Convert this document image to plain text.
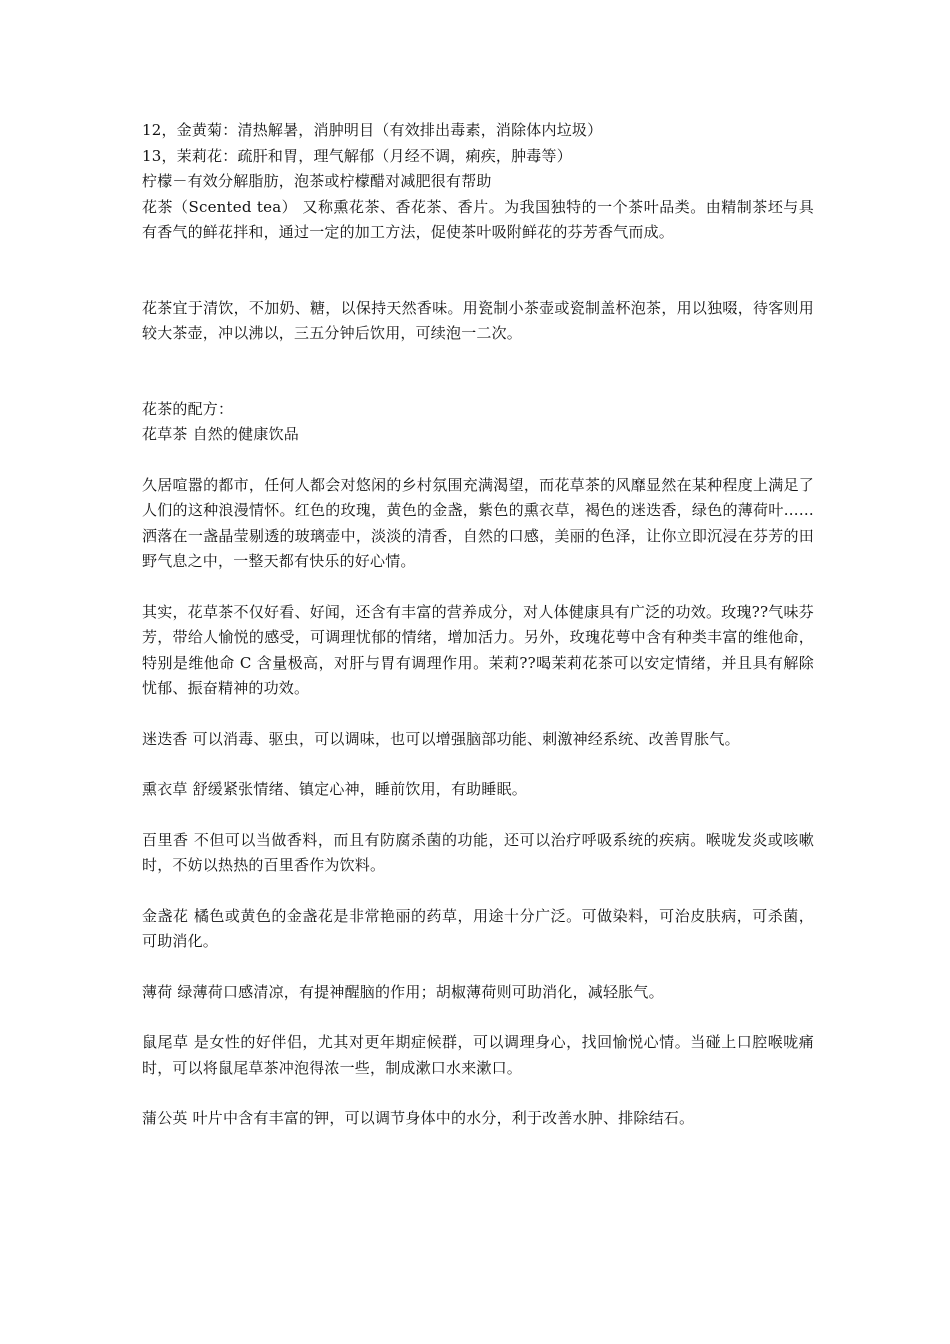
12，金黄菊：清热解暑，消肿明目（有效排出毒素，消除体内垃圾）
13，茉莉花：疏肝和胃，理气解郁（月经不调，痢疾，肿毒等）
柠檬－有效分解脂肪，泡茶或柠檬醋对减肥很有帮助
花茶（Scented tea） 又称熏花茶、香花茶、香片。为我国独特的一个茶叶品类。由精制茶坯与具有香气的鲜花拌和，通过一定的加工方法，促使茶叶吸附鲜花的芬芳香气而成。
花茶宜于清饮，不加奶、糖，以保持天然香味。用瓷制小茶壶或瓷制盖杯泡茶，用以独啜，待客则用较大茶壶，冲以沸以，三五分钟后饮用，可续泡一二次。
花茶的配方：
花草茶 自然的健康饮品
久居喧嚣的都市，任何人都会对悠闲的乡村氛围充满渴望，而花草茶的风靡显然在某种程度上满足了人们的这种浪漫情怀。红色的玫瑰，黄色的金盏，紫色的熏衣草，褐色的迷迭香，绿色的薄荷叶……洒落在一盏晶莹剔透的玻璃壶中，淡淡的清香，自然的口感，美丽的色泽，让你立即沉浸在芬芳的田野气息之中，一整天都有快乐的好心情。
其实，花草茶不仅好看、好闻，还含有丰富的营养成分，对人体健康具有广泛的功效。玫瑰??气味芬芳，带给人愉悦的感受，可调理忧郁的情绪，增加活力。另外，玫瑰花萼中含有种类丰富的维他命，特别是维他命 C 含量极高，对肝与胃有调理作用。茉莉??喝茉莉花茶可以安定情绪，并且具有解除忧郁、振奋精神的功效。
迷迭香 可以消毒、驱虫，可以调味，也可以增强脑部功能、刺激神经系统、改善胃胀气。
熏衣草 舒缓紧张情绪、镇定心神，睡前饮用，有助睡眠。
百里香 不但可以当做香料，而且有防腐杀菌的功能，还可以治疗呼吸系统的疾病。喉咙发炎或咳嗽时，不妨以热热的百里香作为饮料。
金盏花 橘色或黄色的金盏花是非常艳丽的药草，用途十分广泛。可做染料，可治皮肤病，可杀菌，可助消化。
薄荷 绿薄荷口感清凉，有提神醒脑的作用；胡椒薄荷则可助消化，减轻胀气。
鼠尾草 是女性的好伴侣，尤其对更年期症候群，可以调理身心，找回愉悦心情。当碰上口腔喉咙痛时，可以将鼠尾草茶冲泡得浓一些，制成漱口水来漱口。
蒲公英 叶片中含有丰富的钾，可以调节身体中的水分，利于改善水肿、排除结石。
